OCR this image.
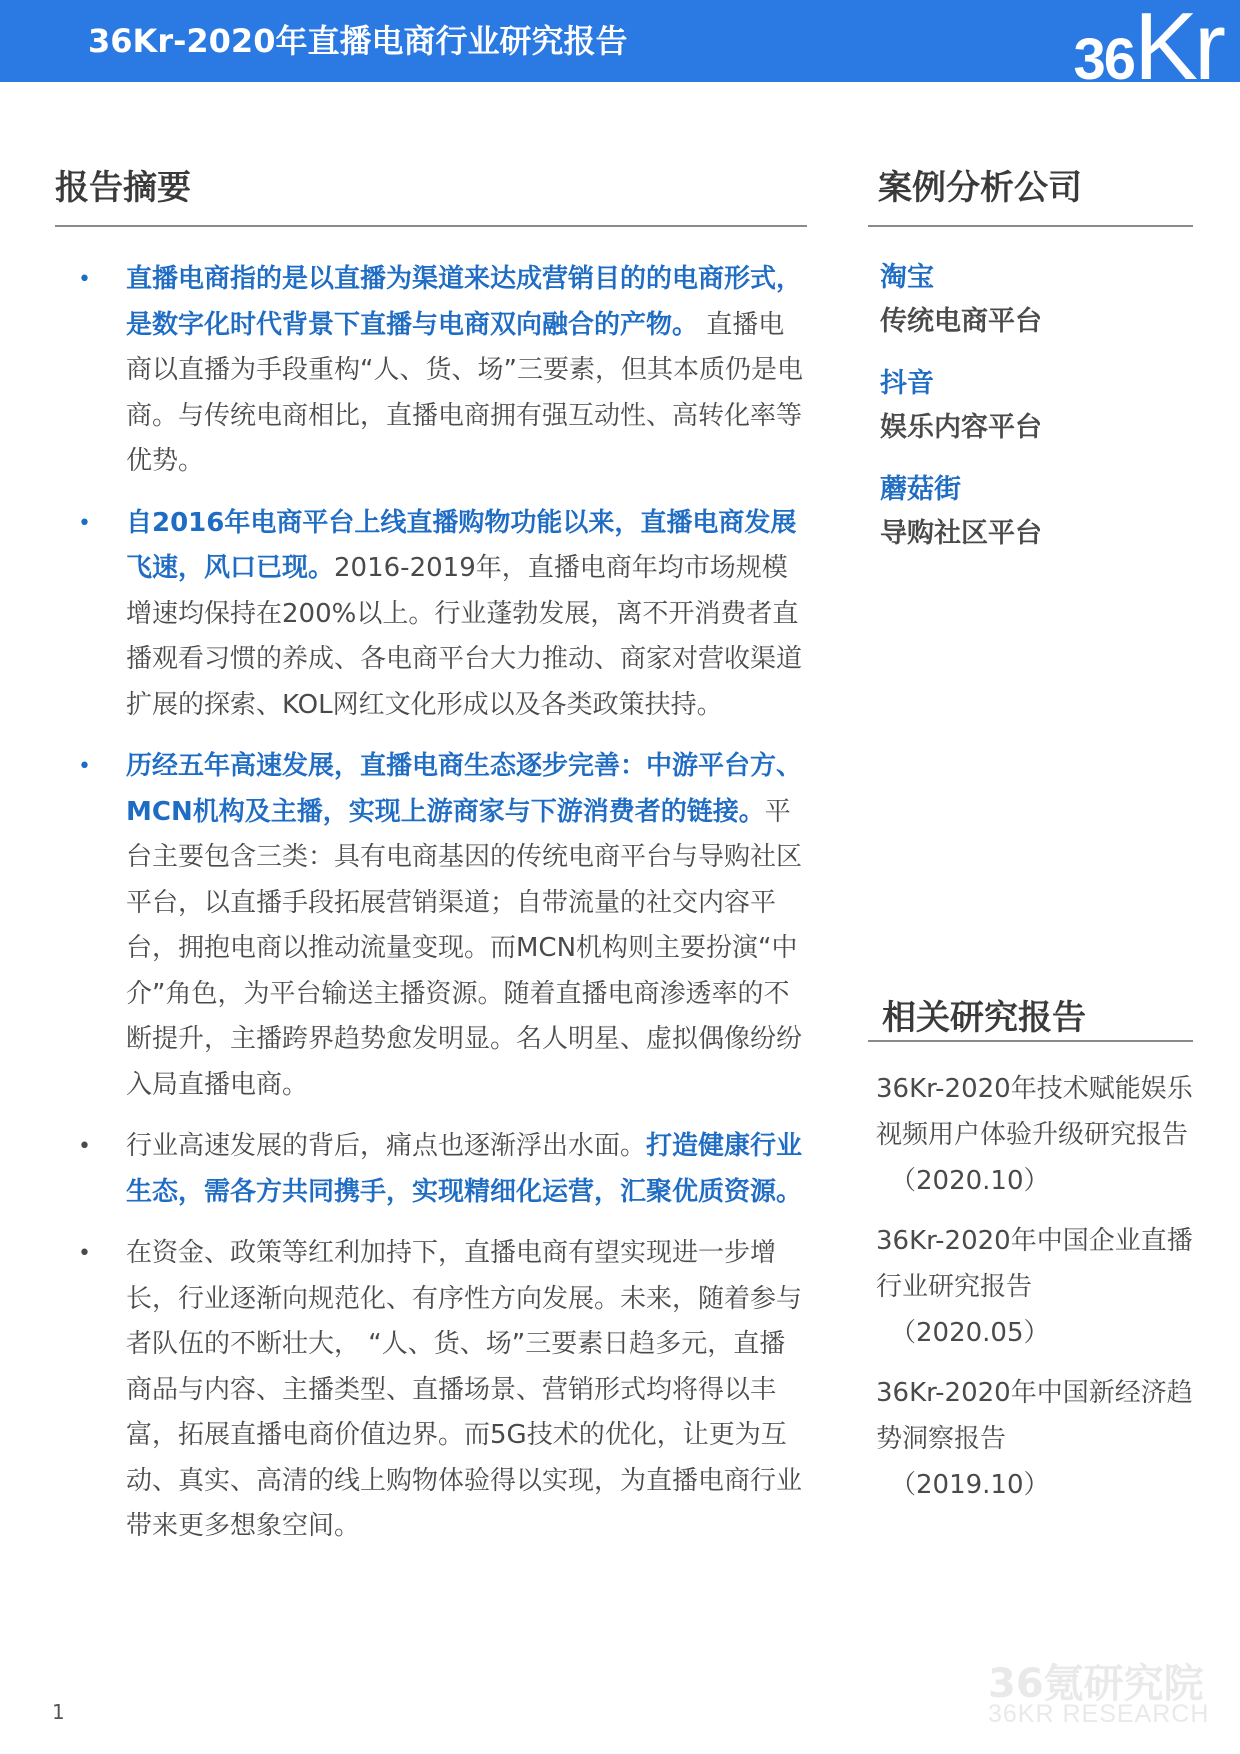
36Kr-2020年直播电商行业研究报告	36Kr
报告摘要
• 直播电商指的是以直播为渠道来达成营销目的的电商形式，是数字化时代背景下直播与电商双向融合的产物。 直播电商以直播为手段重构“人、货、场”三要素，但其本质仍是电商。与传统电商相比，直播电商拥有强互动性、高转化率等优势。
• 自2016年电商平台上线直播购物功能以来，直播电商发展飞速，风口已现。2016-2019年，直播电商年均市场规模增速均保持在200%以上。行业蓬勃发展，离不开消费者直播观看习惯的养成、各电商平台大力推动、商家对营收渠道扩展的探索、KOL网红文化形成以及各类政策扶持。
• 历经五年高速发展，直播电商生态逐步完善：中游平台方、MCN机构及主播，实现上游商家与下游消费者的链接。平台主要包含三类：具有电商基因的传统电商平台与导购社区平台，以直播手段拓展营销渠道；自带流量的社交内容平台，拥抱电商以推动流量变现。而MCN机构则主要扮演“中介”角色，为平台输送主播资源。随着直播电商渗透率的不断提升，主播跨界趋势愈发明显。名人明星、虚拟偶像纷纷入局直播电商。
• 行业高速发展的背后，痛点也逐渐浮出水面。打造健康行业生态，需各方共同携手，实现精细化运营，汇聚优质资源。
• 在资金、政策等红利加持下，直播电商有望实现进一步增长，行业逐渐向规范化、有序性方向发展。未来，随着参与者队伍的不断壮大， “人、货、场”三要素日趋多元，直播商品与内容、主播类型、直播场景、营销形式均将得以丰富，拓展直播电商价值边界。而5G技术的优化，让更为互动、真实、高清的线上购物体验得以实现，为直播电商行业带来更多想象空间。
案例分析公司
淘宝
传统电商平台
抖音
娱乐内容平台
蘑菇街
导购社区平台
相关研究报告
36Kr-2020年技术赋能娱乐视频用户体验升级研究报告
（2020.10）
36Kr-2020年中国企业直播行业研究报告
（2020.05）
36Kr-2020年中国新经济趋势洞察报告
（2019.10）
1
36氪研究院
36KR RESEARCH
